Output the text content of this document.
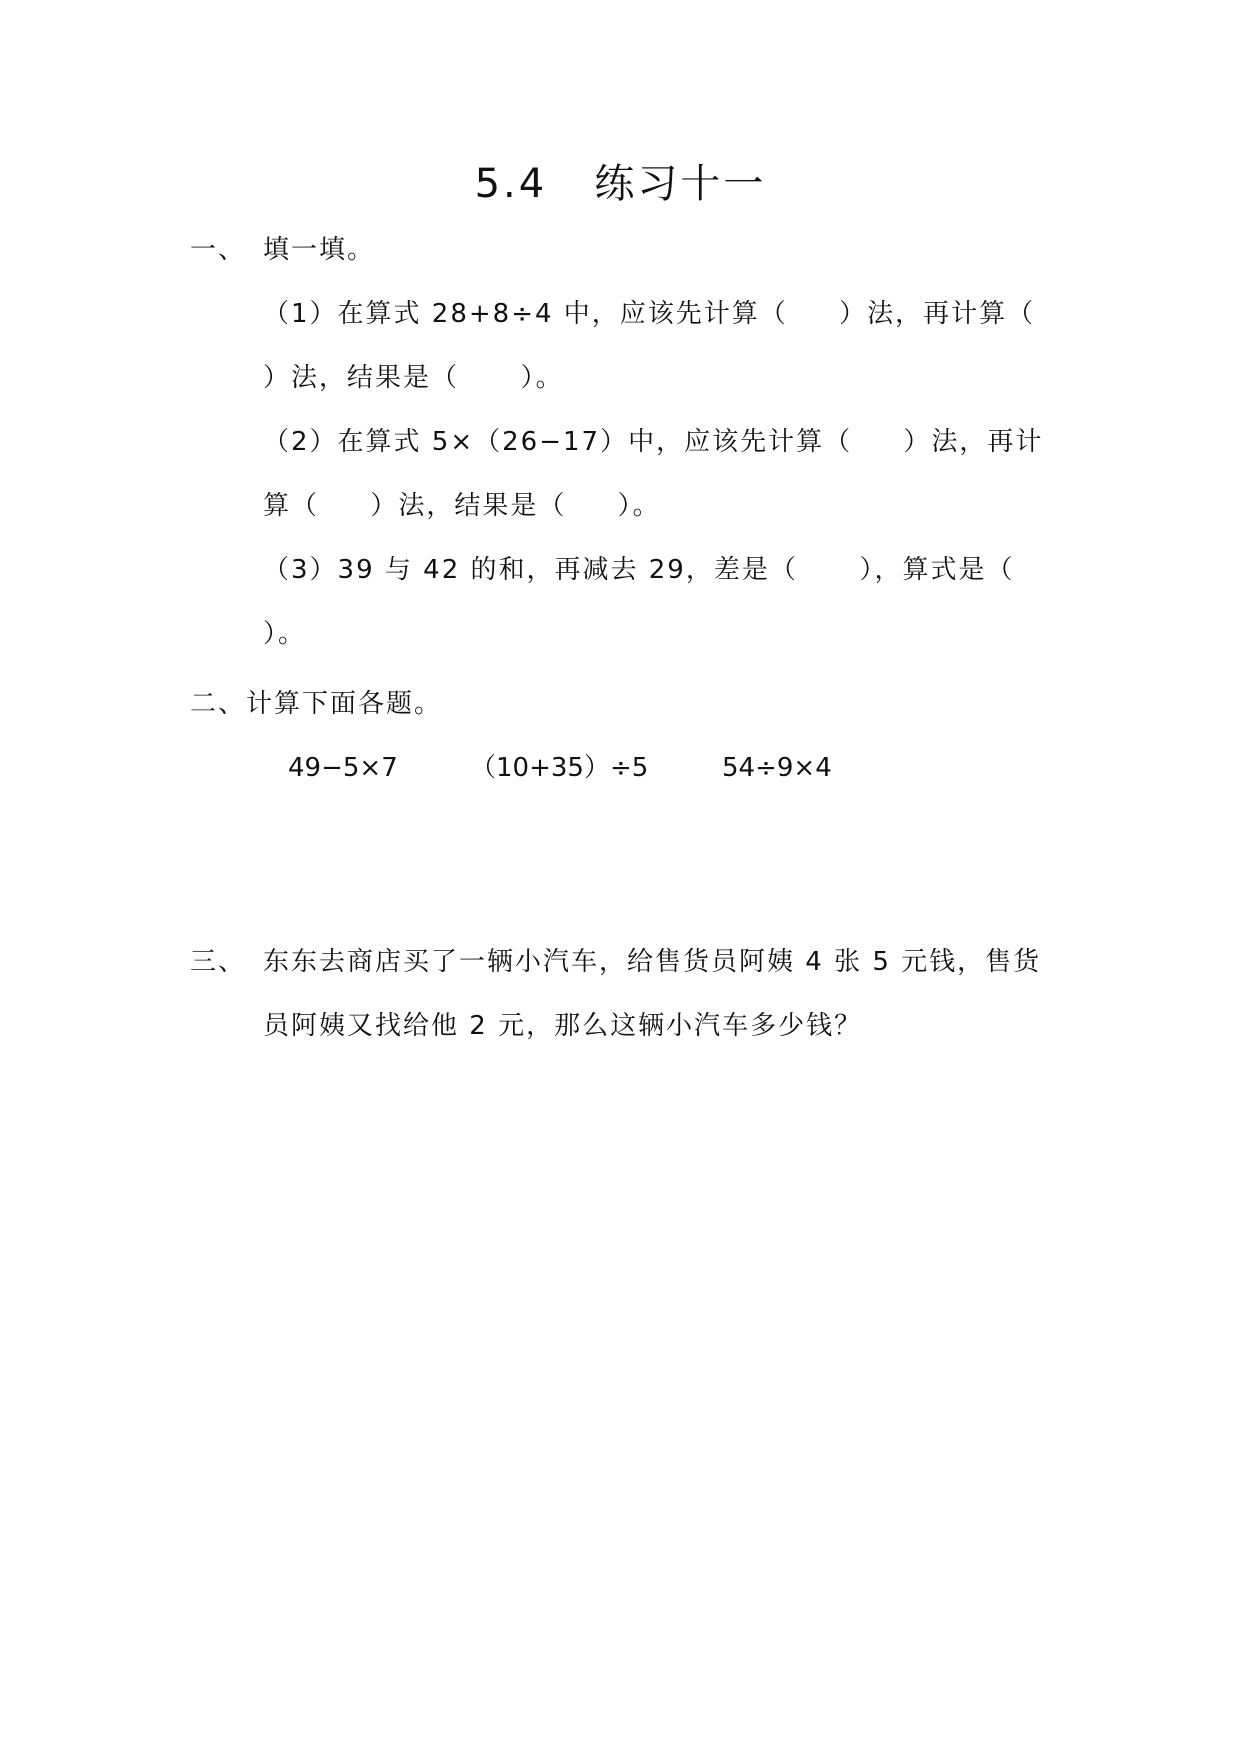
5.4   练习十一
一、 填一填。
（1）在算式 28+8÷4 中，应该先计算（     ）法，再计算（
）法，结果是（      ）。
（2）在算式 5×（26−17）中，应该先计算（     ）法，再计
算（     ）法，结果是（     ）。
（3）39 与 42 的和，再减去 29，差是（      ），算式是（
）。
二、计算下面各题。
49−5×7	（10+35）÷5	54÷9×4
三、 东东去商店买了一辆小汽车，给售货员阿姨 4 张 5 元钱，售货
员阿姨又找给他 2 元，那么这辆小汽车多少钱？
